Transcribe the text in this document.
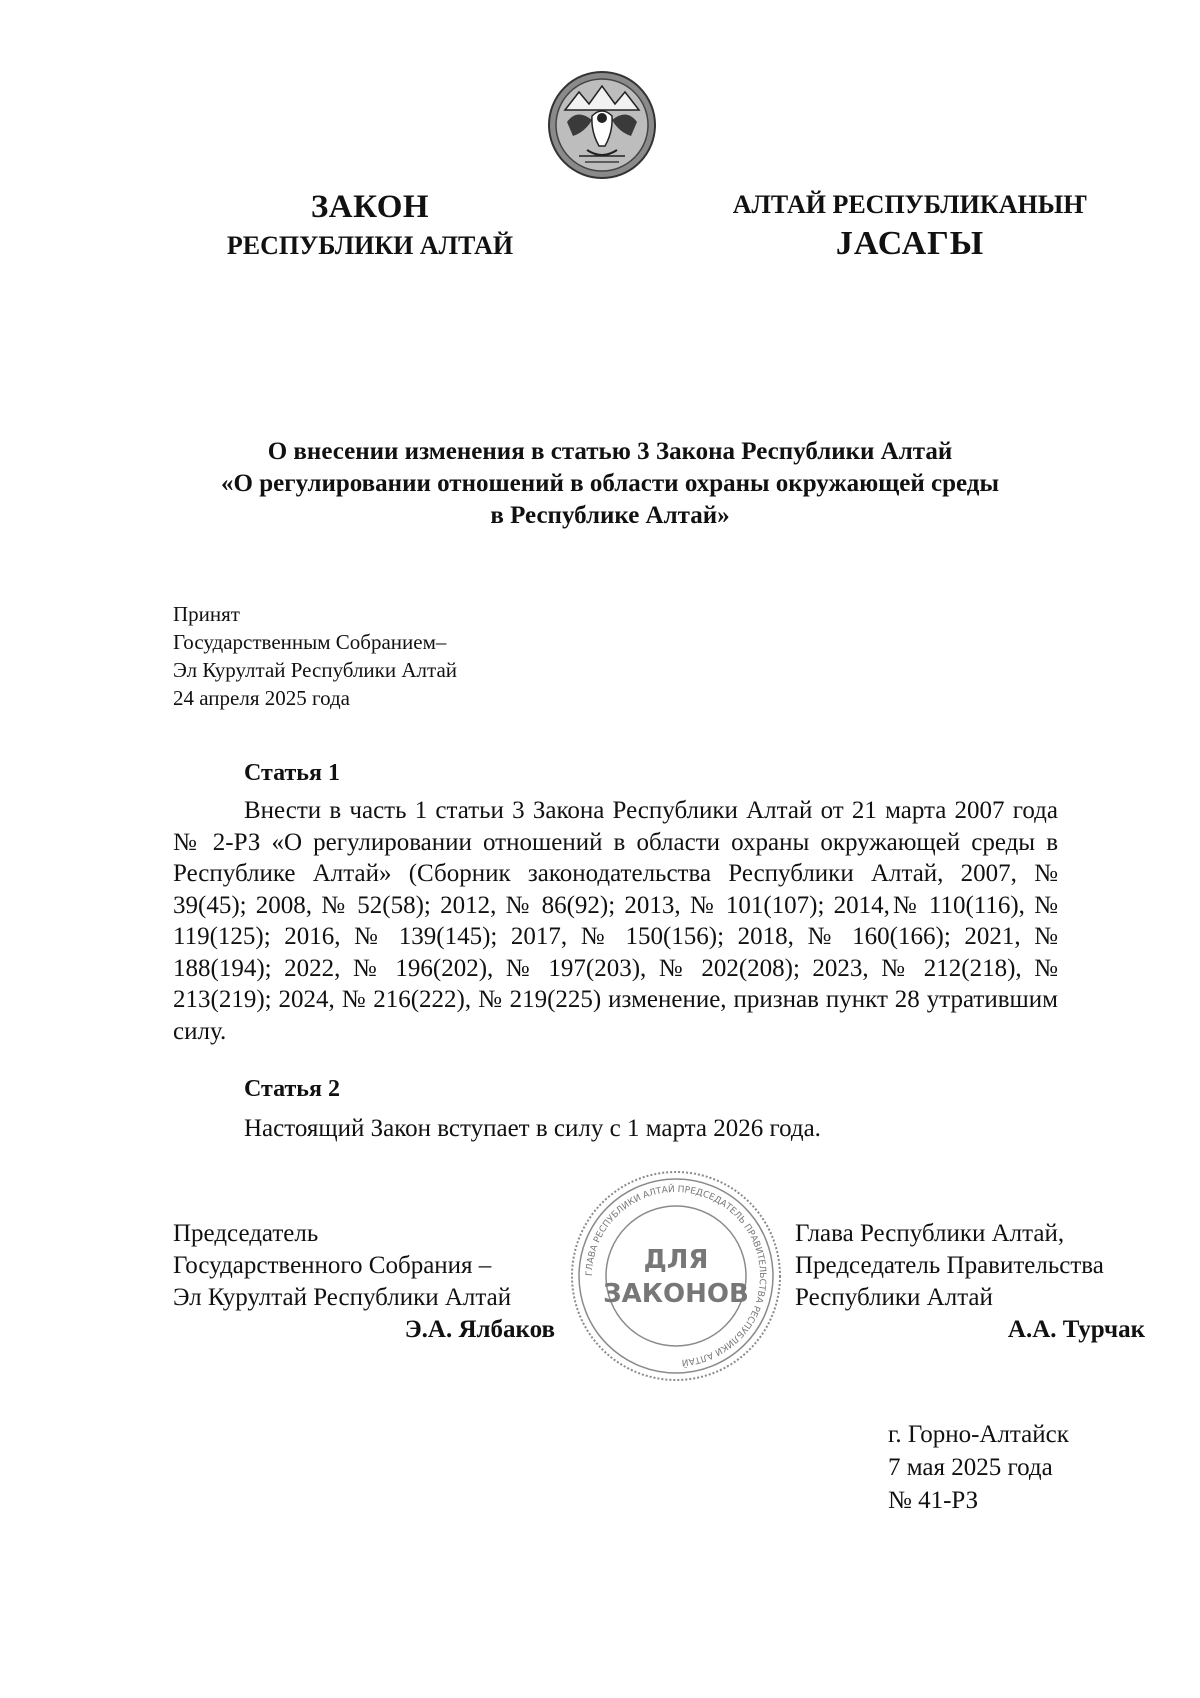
ЗАКОН
РЕСПУБЛИКИ АЛТАЙ
АЛТАЙ РЕСПУБЛИКАНЫҤ
ЈАСАГЫ
О внесении изменения в статью 3 Закона Республики Алтай
«О регулировании отношений в области охраны окружающей среды
в Республике Алтай»
Принят
Государственным Собранием–
Эл Курултай Республики Алтай
24 апреля 2025 года
Статья 1
Внести в часть 1 статьи 3 Закона Республики Алтай от 21 марта 2007 года № 2-РЗ «О регулировании отношений в области охраны окружающей среды в Республике Алтай» (Сборник законодательства Республики Алтай, 2007, № 39(45); 2008, № 52(58); 2012, № 86(92); 2013, № 101(107); 2014,№ 110(116), № 119(125); 2016, № 139(145); 2017, № 150(156); 2018, № 160(166); 2021, № 188(194); 2022, № 196(202), № 197(203), № 202(208); 2023, № 212(218), № 213(219); 2024, № 216(222), № 219(225) изменение, признав пункт 28 утратившим силу.
Статья 2
Настоящий Закон вступает в силу с 1 марта 2026 года.
Председатель
Государственного Собрания –
Эл Курултай Республики Алтай
Э.А. Ялбаков
ГЛАВА РЕСПУБЛИКИ АЛТАЙ ПРЕДСЕДАТЕЛЬ ПРАВИТЕЛЬСТВА РЕСПУБЛИКИ АЛТАЙ
ДЛЯ
ЗАКОНОВ
Глава Республики Алтай,
Председатель Правительства
Республики Алтай
А.А. Турчак
г. Горно-Алтайск
7 мая 2025 года
№ 41-РЗ
